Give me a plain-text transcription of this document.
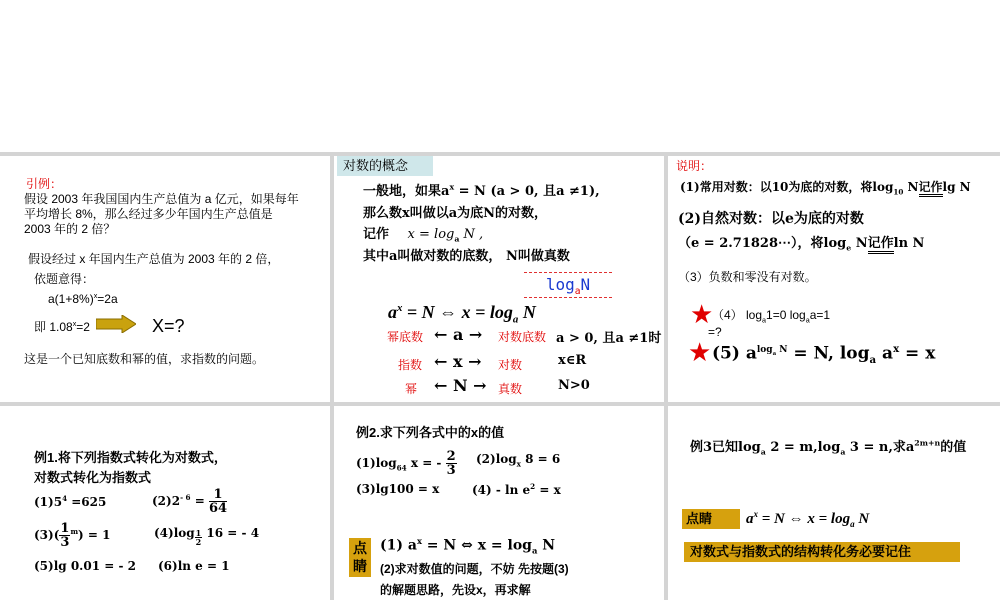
引例：
假设 2003 年我国国内生产总值为 a 亿元，如果每年平均增长 8%，那么经过多少年国内生产总值是 2003 年的 2 倍？
假设经过 x 年国内生产总值为 2003 年的 2 倍，
依题意得：
$a(1+8\%)^x=2a$
即 $1.08^x=2$	X=?
这是一个已知底数和幂的值，求指数的问题。
对数的概念
一般地，如果$a^x = N$ (a > 0, 且a ≠1),
那么数x叫做以a为底N的对数，
记作 $x = \log_a N$ ,
其中a叫做对数的底数， N叫做真数
$\log_aN$
$a^x = N$ ⇔ $x = \log_a N$
幂底数 ← a → 对数底数 a > 0, 且a ≠1时
指数 ← x → 对数	x∈R
幂 ← N → 真数	N>0
说明：
(1)常用对数：以10为底的对数，将$\log_{10} N$记作lg N
(2)自然对数：以e为底的对数
（e = 2.71828⋯），将$\log_e N$记作ln N
（3）负数和零没有对数。
★
（4） $\log_a1=0$ $\log_aa=1$
=?
★ (5) $a^{log_a N} = N$, $\log_a a^x = x$
例1.将下列指数式转化为对数式，
对数式转化为指数式
$(1)5^4 =625$	$(2)2^{- 6} = \frac{1}{64}$
$(3)( \frac{1}{3} ^m) = 1$	$(4)\log \frac{1}{2} 16$ = - 4
(5)lg 0.01 = - 2 (6)ln e = 1
例2.求下列各式中的x的值
$(1)\log_{64}$ x = - $\frac{2}{3} (2)\log_x$ 8 = 6
(3)lg100 = x	$(4) - \ln e^2 = x$
点睛
(1) $a^x = N$ ⇔ $x = \log_a N$
(2)求对数值的问题，不妨 先按题(3)
的解题思路，先设x，再求解
例3已知$\log_a 2 = m,\log_a$ 3 = n,求$a^{2m+n}$的值
点睛	$a^x = N$ ⇔ $x = \log_a N$
对数式与指数式的结构转化务必要记住
